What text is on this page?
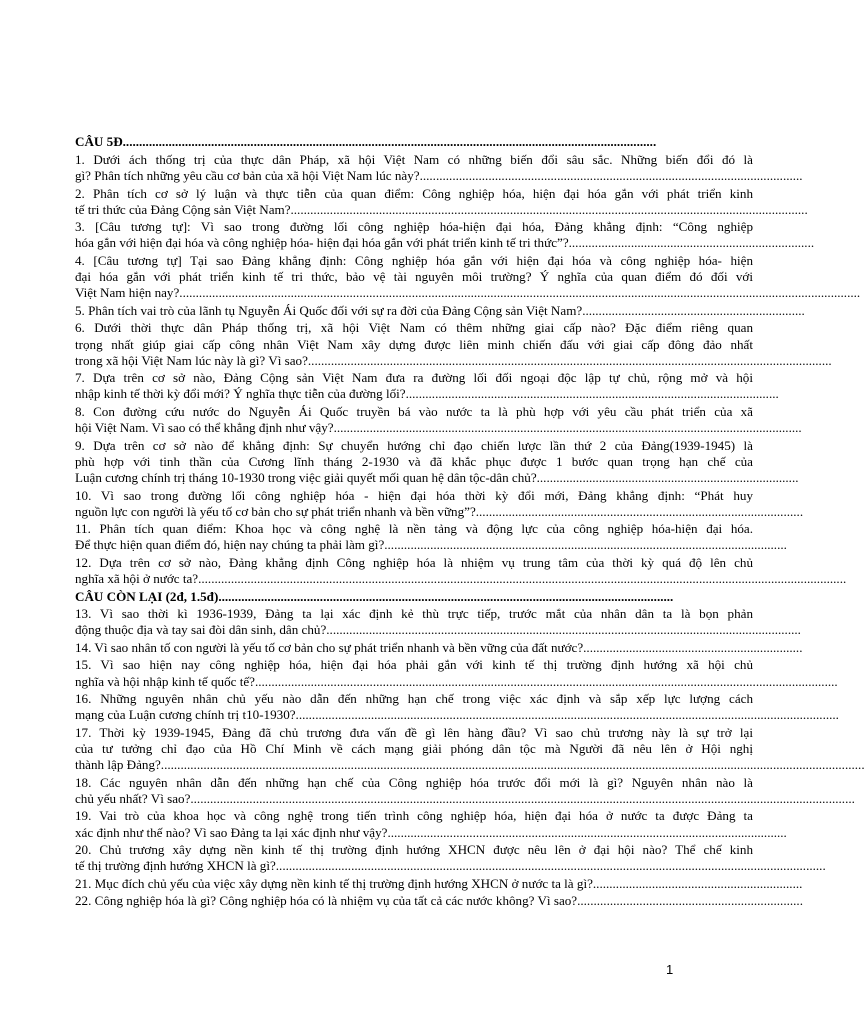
CÂU 5Đ...................................................................................................................................................................
1. Dưới ách thống trị của thực dân Pháp, xã hội Việt Nam có những biến đổi sâu sắc. Những biến đổi đó là
gì? Phân tích những yêu cầu cơ bản của xã hội Việt Nam lúc này?.....................................................................................................................
2. Phân tích cơ sở lý luận và thực tiễn của quan điểm: Công nghiệp hóa, hiện đại hóa gắn với phát triển kinh
tế tri thức của Đảng Cộng sản Việt Nam?..............................................................................................................................................................
3. [Câu tương tự]: Vì sao trong đường lối công nghiệp hóa-hiện đại hóa, Đảng khẳng định: “Công nghiệp
hóa gắn với hiện đại hóa và công nghiệp hóa- hiện đại hóa gắn với phát triển kinh tế tri thức”?...........................................................................
4. [Câu tương tự] Tại sao Đảng khẳng định: Công nghiệp hóa gắn với hiện đại hóa và công nghiệp hóa- hiện
đại hóa gắn với phát triển kinh tế tri thức, bảo vệ tài nguyên môi trường? Ý nghĩa của quan điểm đó đối với
Việt Nam hiện nay?................................................................................................................................................................................................................
5. Phân tích vai trò của lãnh tụ Nguyễn Ái Quốc đối với sự ra đời của Đảng Cộng sản Việt Nam?....................................................................
6. Dưới thời thực dân Pháp thống trị, xã hội Việt Nam có thêm những giai cấp nào? Đặc điểm riêng quan
trọng nhất giúp giai cấp công nhân Việt Nam xây dựng được liên minh chiến đấu với giai cấp đông đảo nhất
trong xã hội Việt Nam lúc này là gì? Vì sao?................................................................................................................................................................
7. Dựa trên cơ sở nào, Đảng Cộng sản Việt Nam đưa ra đường lối đối ngoại độc lập tự chủ, rộng mở và hội
nhập kinh tế thời kỳ đổi mới? Ý nghĩa thực tiễn của đường lối?..................................................................................................................
8. Con đường cứu nước do Nguyễn Ái Quốc truyền bá vào nước ta là phù hợp với yêu cầu phát triển của xã
hội Việt Nam. Vì sao có thể khẳng định như vậy?...............................................................................................................................................
9. Dựa trên cơ sở nào để khẳng định: Sự chuyển hướng chỉ đạo chiến lược lần thứ 2 của Đảng(1939-1945) là
phù hợp với tinh thần của Cương lĩnh tháng 2-1930 và đã khắc phục được 1 bước quan trọng hạn chế của
Luận cương chính trị tháng 10-1930 trong việc giải quyết mối quan hệ dân tộc-dân chủ?................................................................................
10. Vì sao trong đường lối công nghiệp hóa - hiện đại hóa thời kỳ đổi mới, Đảng khẳng định: “Phát huy
nguồn lực con người là yếu tố cơ bản cho sự phát triển nhanh và bền vững”?....................................................................................................
11. Phân tích quan điểm: Khoa học và công nghệ là nền tảng và động lực của công nghiệp hóa-hiện đại hóa.
Để thực hiện quan điểm đó, hiện nay chúng ta phải làm gì?...........................................................................................................................
12. Dựa trên cơ sở nào, Đảng khẳng định Công nghiệp hóa là nhiệm vụ trung tâm của thời kỳ quá độ lên chủ
nghĩa xã hội ở nước ta?......................................................................................................................................................................................................
CÂU CÒN LẠI (2đ, 1.5đ)...........................................................................................................................................
13. Vì sao thời kì 1936-1939, Đảng ta lại xác định kẻ thù trực tiếp, trước mắt của nhân dân ta là bọn phản
động thuộc địa và tay sai đòi dân sinh, dân chủ?.................................................................................................................................................
14. Vì sao nhân tố con người là yếu tố cơ bản cho sự phát triển nhanh và bền vững của đất nước?...................................................................
15. Vì sao hiện nay công nghiệp hóa, hiện đại hóa phải gắn với kinh tế thị trường định hướng xã hội chủ
nghĩa và hội nhập kinh tế quốc tế?..................................................................................................................................................................................
16. Những nguyên nhân chủ yếu nào dẫn đến những hạn chế trong việc xác định và sắp xếp lực lượng cách
mạng của Luận cương chính trị t10-1930?......................................................................................................................................................................
17. Thời kỳ 1939-1945, Đảng đã chủ trương đưa vấn đề gì lên hàng đầu? Vì sao chủ trương này là sự trở lại
của tư tưởng chỉ đạo của Hồ Chí Minh về cách mạng giải phóng dân tộc mà Người đã nêu lên ở Hội nghị
thành lập Đảng?.......................................................................................................................................................................................................................
18. Các nguyên nhân dẫn đến những hạn chế của Công nghiệp hóa trước đổi mới là gì? Nguyên nhân nào là
chủ yếu nhất? Vì sao?...........................................................................................................................................................................................................
19. Vai trò của khoa học và công nghệ trong tiến trình công nghiệp hóa, hiện đại hóa ở nước ta được Đảng ta
xác định như thế nào? Vì sao Đảng ta lại xác định như vậy?..........................................................................................................................
20. Chủ trương xây dựng nền kinh tế thị trường định hướng XHCN được nêu lên ở đại hội nào? Thể chế kinh
tế thị trường định hướng XHCN là gì?........................................................................................................................................................................
21. Mục đích chủ yếu của việc xây dựng nền kinh tế thị trường định hướng XHCN ở nước ta là gì?................................................................
22. Công nghiệp hóa là gì? Công nghiệp hóa có là nhiệm vụ của tất cả các nước không? Vì sao?.....................................................................
1
